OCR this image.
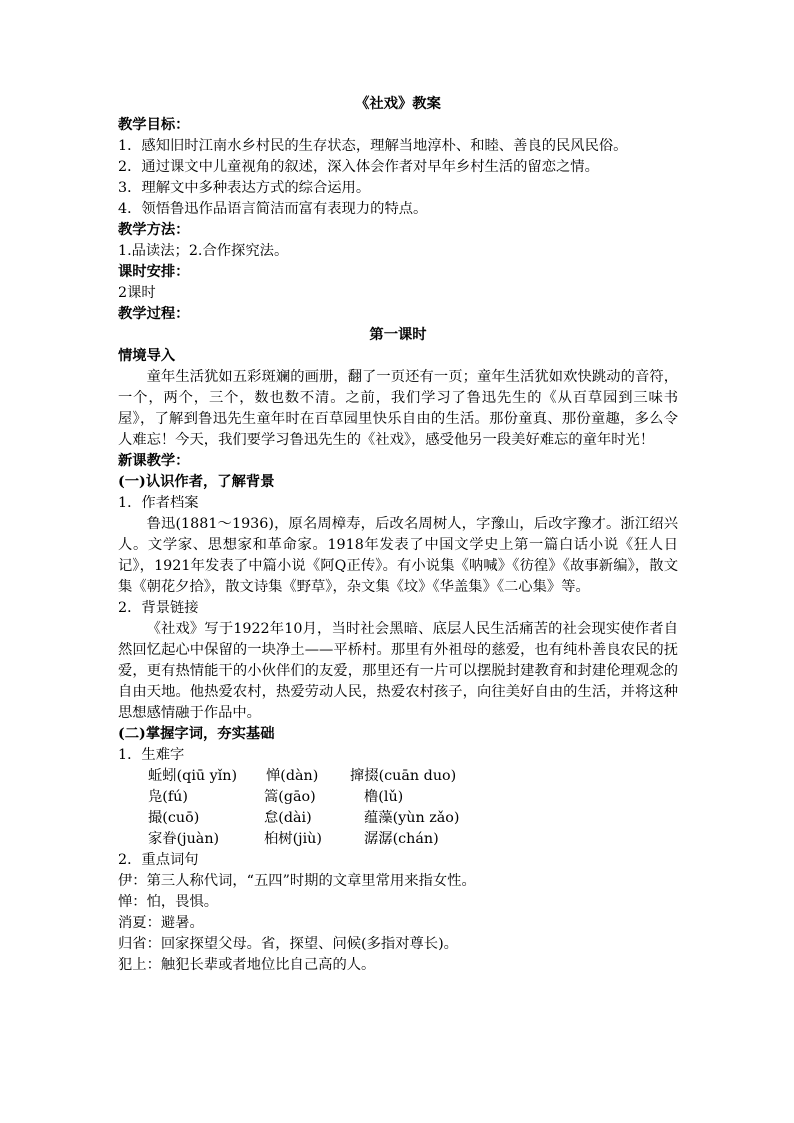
《社戏》教案

教学目标：

1．感知旧时江南水乡村民的生存状态，理解当地淳朴、和睦、善良的民风民俗。

2．通过课文中儿童视角的叙述，深入体会作者对早年乡村生活的留恋之情。

3．理解文中多种表达方式的综合运用。

4．领悟鲁迅作品语言简洁而富有表现力的特点。

教学方法：

1.品读法；2.合作探究法。

课时安排：

2课时

教学过程：

第一课时

情境导入

童年生活犹如五彩斑斓的画册，翻了一页还有一页；童年生活犹如欢快跳动的音符，一个，两个，三个，数也数不清。之前，我们学习了鲁迅先生的《从百草园到三味书屋》，了解到鲁迅先生童年时在百草园里快乐自由的生活。那份童真、那份童趣，多么令人难忘！今天，我们要学习鲁迅先生的《社戏》，感受他另一段美好难忘的童年时光！

新课教学：

(一)认识作者，了解背景

1．作者档案

鲁迅(1881～1936)，原名周樟寿，后改名周树人，字豫山，后改字豫才。浙江绍兴人。文学家、思想家和革命家。1918年发表了中国文学史上第一篇白话小说《狂人日记》，1921年发表了中篇小说《阿Q正传》。有小说集《呐喊》《彷徨》《故事新编》，散文集《朝花夕拾》，散文诗集《野草》，杂文集《坟》《华盖集》《二心集》等。

2．背景链接

《社戏》写于1922年10月，当时社会黑暗、底层人民生活痛苦的社会现实使作者自然回忆起心中保留的一块净土——平桥村。那里有外祖母的慈爱，也有纯朴善良农民的抚爱，更有热情能干的小伙伴们的友爱，那里还有一片可以摆脱封建教育和封建伦理观念的自由天地。他热爱农村，热爱劳动人民，热爱农村孩子，向往美好自由的生活，并将这种思想感情融于作品中。

(二)掌握字词，夯实基础

1．生难字

蚯蚓(qiū yǐn)	惮(dàn)	撺掇(cuān duo)
凫(fú)	篙(gāo)	橹(lǔ)
撮(cuō)	怠(dài)	蕴藻(yùn zǎo)
家眷(juàn)	桕树(jiù)	潺潺(chán)

2．重点词句

伊：第三人称代词，“五四”时期的文章里常用来指女性。

惮：怕，畏惧。

消夏：避暑。

归省：回家探望父母。省，探望、问候(多指对尊长)。

犯上：触犯长辈或者地位比自己高的人。
